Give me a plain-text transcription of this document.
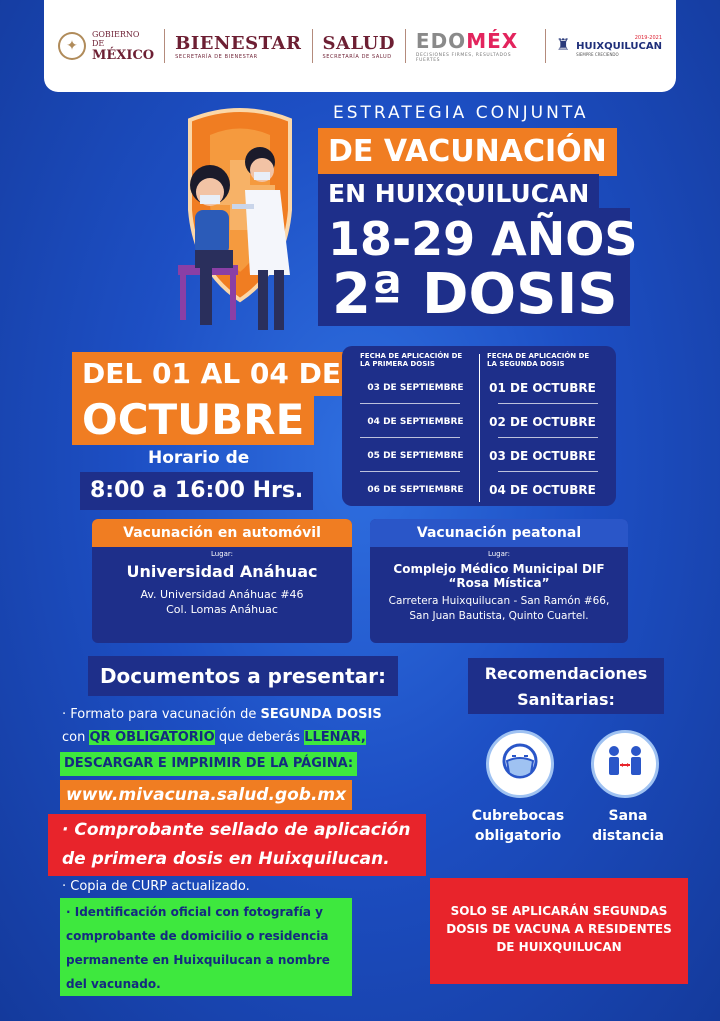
✦
GOBIERNO DE
MÉXICO
BIENESTAR
SECRETARÍA DE BIENESTAR
SALUD
SECRETARÍA DE SALUD
EDOMÉX
DECISIONES FIRMES, RESULTADOS FUERTES
♜	2019-2021
HUIXQUILUCAN
SIEMPRE CRECIENDO
ESTRATEGIA CONJUNTA
DE VACUNACIÓN
EN HUIXQUILUCAN
18-29 AÑOS
2ª DOSIS
DEL 01 AL 04 DE
OCTUBRE
Horario de
8:00 a 16:00 Hrs.
FECHA DE APLICACIÓN DE LA PRIMERA DOSIS
FECHA DE APLICACIÓN DE LA SEGUNDA DOSIS
03 DE SEPTIEMBRE	01 DE OCTUBRE
04 DE SEPTIEMBRE	02 DE OCTUBRE
05 DE SEPTIEMBRE	03 DE OCTUBRE
06 DE SEPTIEMBRE	04 DE OCTUBRE
Vacunación en automóvil
Lugar:
Universidad Anáhuac
Av. Universidad Anáhuac #46
Col. Lomas Anáhuac
Vacunación peatonal
Lugar:
Complejo Médico Municipal DIF
“Rosa Mística”
Carretera Huixquilucan - San Ramón #66,
San Juan Bautista, Quinto Cuartel.
Documentos a presentar:
· Formato para vacunación de SEGUNDA DOSIS
con QR OBLIGATORIO que deberás LLENAR,
DESCARGAR E IMPRIMIR DE LA PÁGINA:
www.mivacuna.salud.gob.mx
· Comprobante sellado de aplicación
de primera dosis en Huixquilucan.
· Copia de CURP actualizado.
· Identificación oficial con fotografía y
comprobante de domicilio o residencia
permanente en Huixquilucan a nombre
del vacunado.
Recomendaciones
Sanitarias:
Cubrebocas
obligatorio
Sana
distancia
SOLO SE APLICARÁN SEGUNDAS
DOSIS DE VACUNA A RESIDENTES
DE HUIXQUILUCAN
